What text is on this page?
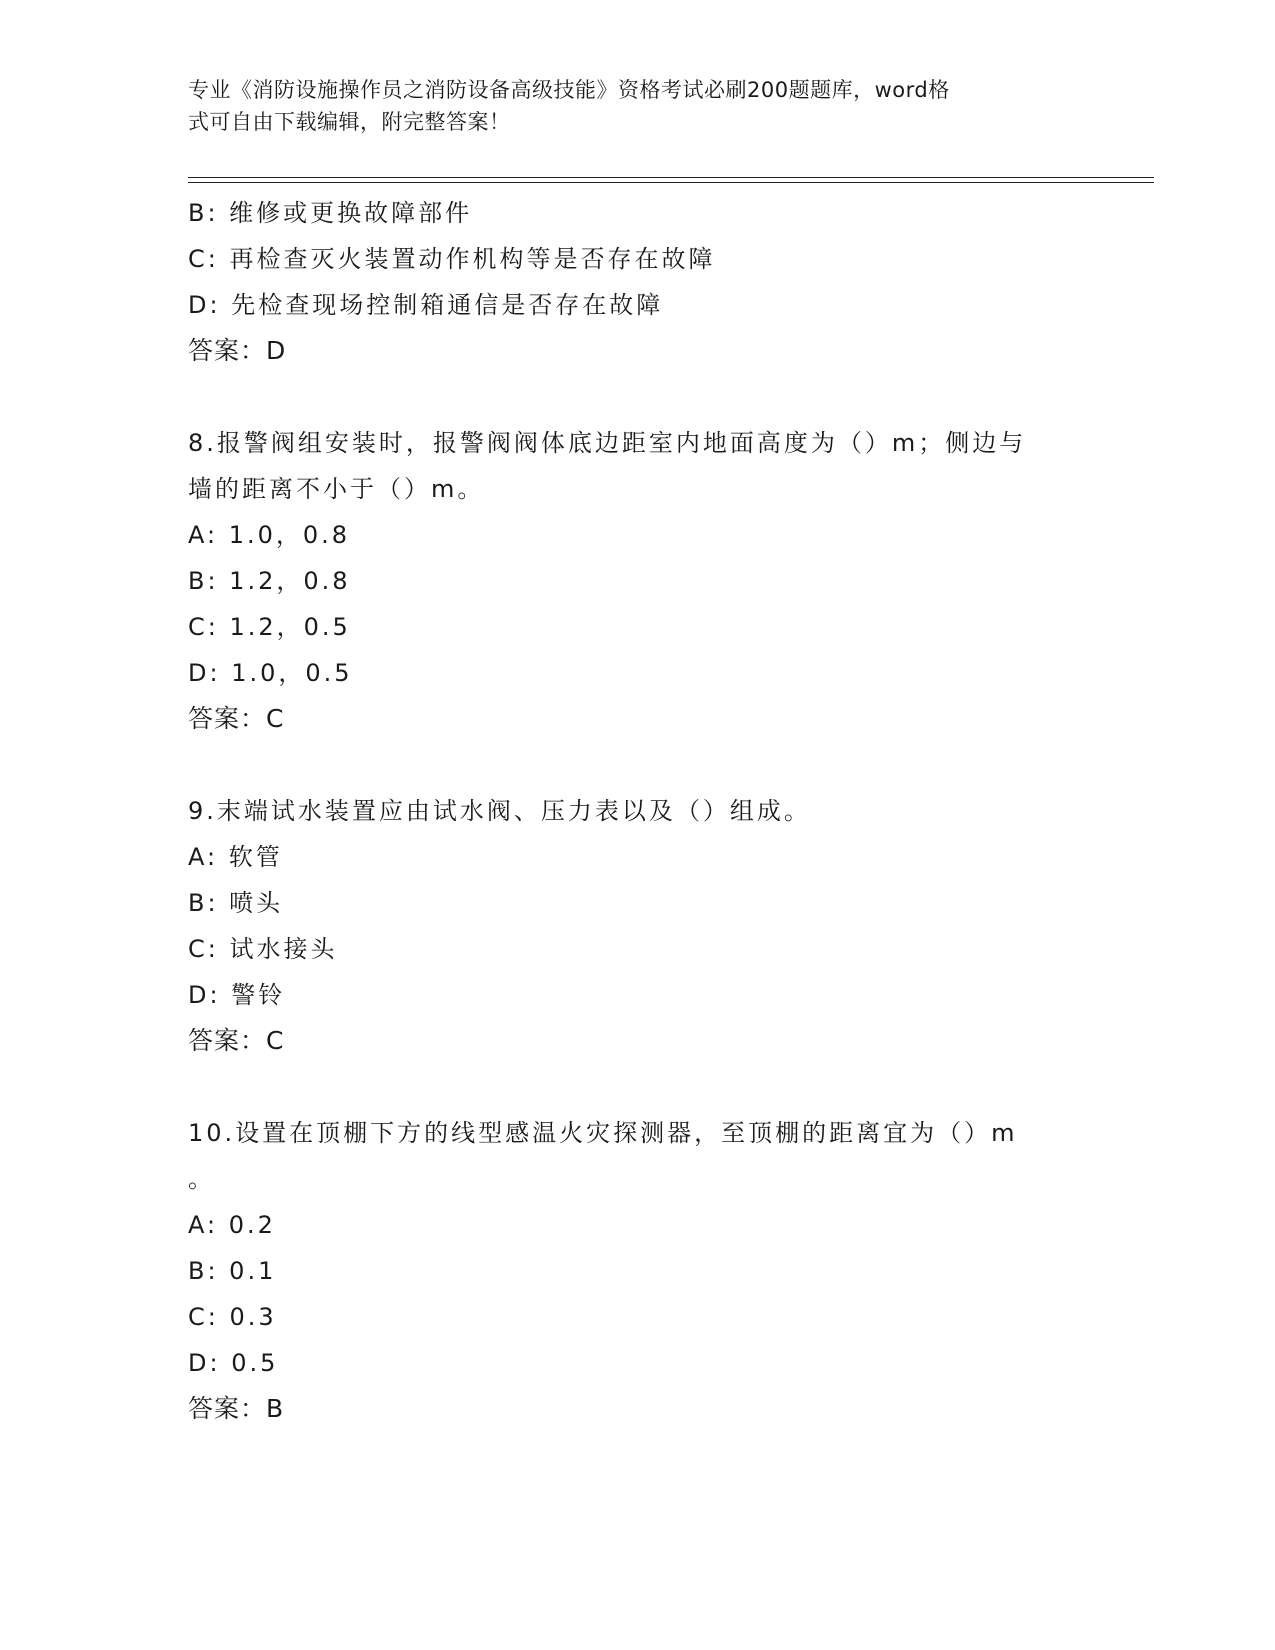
专业《消防设施操作员之消防设备高级技能》资格考试必刷200题题库，word格
式可自由下载编辑，附完整答案！
B: 维修或更换故障部件
C: 再检查灭火装置动作机构等是否存在故障
D: 先检查现场控制箱通信是否存在故障
答案：D
8.报警阀组安装时，报警阀阀体底边距室内地面高度为（）m；侧边与
墙的距离不小于（）m。
A: 1.0，0.8
B: 1.2，0.8
C: 1.2，0.5
D: 1.0，0.5
答案：C
9.末端试水装置应由试水阀、压力表以及（）组成。
A: 软管
B: 喷头
C: 试水接头
D: 警铃
答案：C
10.设置在顶棚下方的线型感温火灾探测器，至顶棚的距离宜为（）m
。
A: 0.2
B: 0.1
C: 0.3
D: 0.5
答案：B
